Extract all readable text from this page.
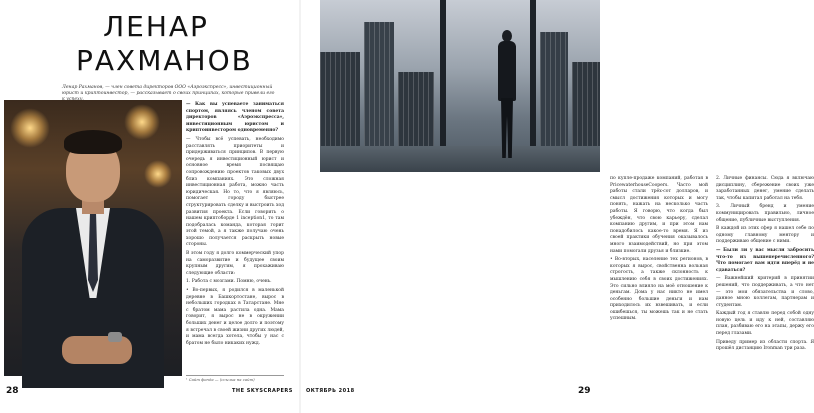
ЛЕНАР
РАХМАНОВ
Ленар Рахманов, — член совета директоров ООО «Аэроэкспресс», инвестиционный юрист и криптоинвестор, — рассказывает о своих принципах, которые привели его

— Как вы успеваете заниматься спортом, являясь членом совета директоров «Аэроэкспресса», инвестиционным юристом и криптоинвестором одновременно?

— Чтобы всё успевать, необходимо расставлять приоритеты и придерживаться принципов. В первую очередь я инвестиционный юрист и основное время посвящаю сопровождению проектов таковых двух близ компаниях. Это сложная инвестиционная работа, можно часть юридическая. Но то, что я являюсь, помогает городу быстрее структурировать сделку и выстроить ход развития проекта. Если говорить о нашем криптоборде 1 inception1, то там подобралась команда, которая горит этой темой, а я также получаю очень хорошо получается раскрыть новые стороны.

В этом году я долго коммерческий упор на саморазвитие и будущее своим крупным другим, я прохаживаю следующие области:

1. Работа с мозгами. Помню, очень.

• Во-первых, я родился в маленькой деревне в Башкортостане, вырос в небольших городках в Татарстане. Мне с братом мама растила одна. Мама говорит, я вырос не в окружении больших денег и целое долго и поэтому я встречал в своей жизни других людей, и мама всегда хотела, чтобы у нас с братом не было никаких нужд.

¹ Сайт фонда — (ссылка на сайт)
28	THE SKYSCRAPERS

по купле-продаже компаний, работая в PricewaterhouseCoopers. Часто мой работы стали трёх-сот долларов, и смысл достижения которых и могу понять, нажать на несколько часть работы. Я говорю, что когда был убеждён, что свою карьеру, сделал компанию другим, и при этом нам понадобилось какое-то время. Я из своей практики обучения оказывалось много взаимодействий, но при этом нами помогали друзья и близкие.

• Во-вторых, население тех регионов, в которых я вырос, свойственна вольная строгость, а также склонность к мышлению себя в своих достижениях. Это сильно влияло на моё отношение к деньгам. Дома у нас никто не имел особенно большие деньги и нам приходилось их взвешивать, и если ошибешься, ты можешь так и не стать успешным.

2. Личные финансы. Сюда я включаю дисциплину, сбережение своих уже заработанных денег, умение сделать так, чтобы капитал работал на тебя.

3. Личный бренд и умение коммуницировать правильно, личное общение, публичные выступления.

В каждой из этих сфер я нашел себе по одному главному ментору и поддерживаю общение с ними.

— Были ли у вас мысли забросить что-то из вышеперечисленного? Что помогает вам идти вперёд и не сдаваться?

— Важнейший критерий в принятии решений, что поддерживать, а что нет — это мои обязательства и слово, данное мною коллегам, партнерам и студентам.

Каждый год я ставлю перед собой одну новую цель и иду к ней, составляю план, разбиваю его на этапы, держу его перед глазами.

Приведу пример из области спорта. Я прошёл дистанцию Ironman три раза.

ОКТЯБРЬ 2018	29
